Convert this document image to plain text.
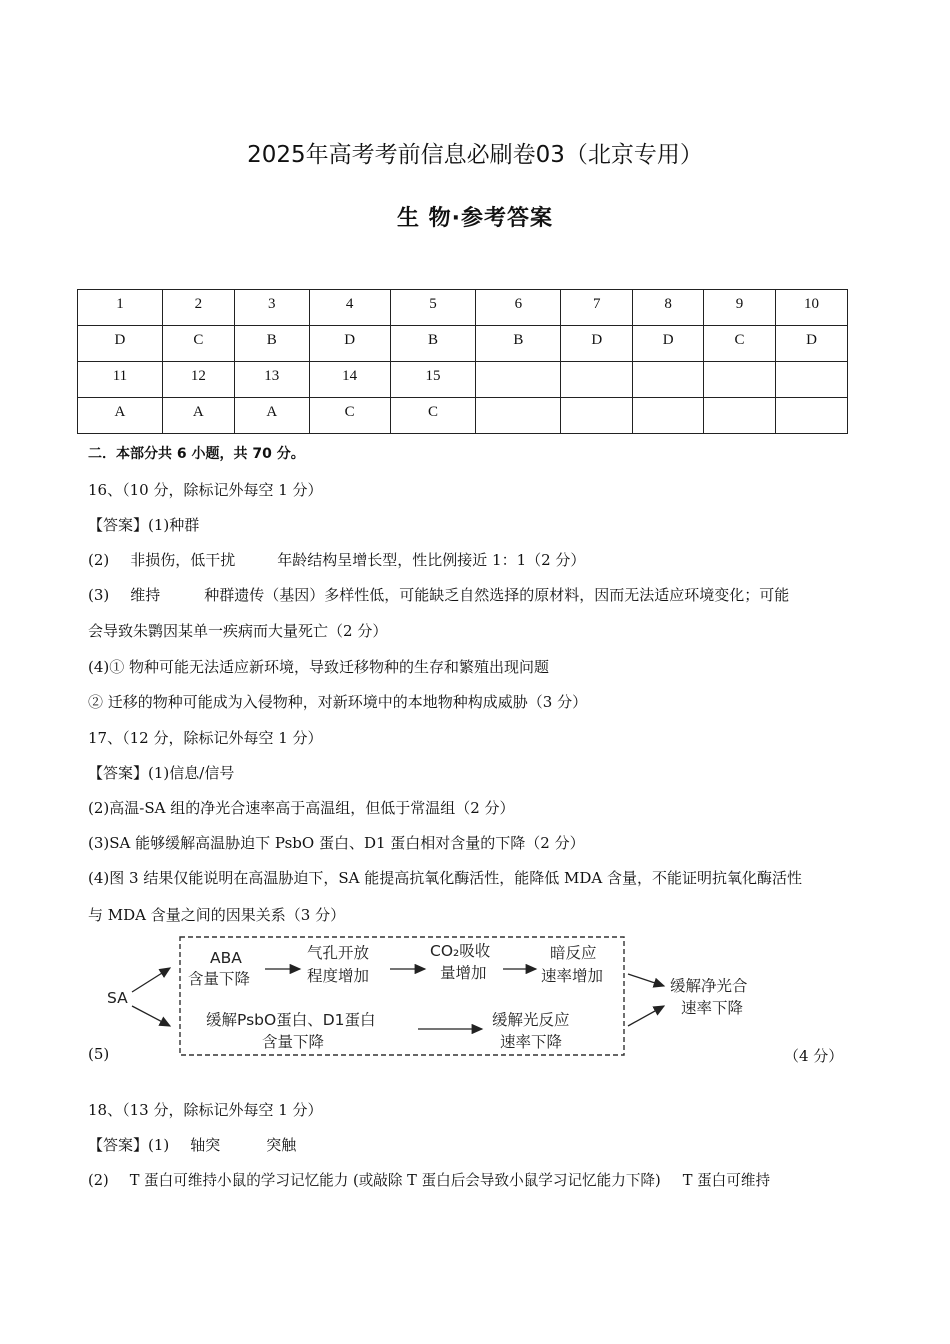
2025年高考考前信息必刷卷03（北京专用）
生 物·参考答案
1	2	3	4	5	6	7	8	9	10

D	C	B	D	B	B	D	D	C	D

11	12	13	14	15					

A	A	A	C	C					

二．本部分共 6 小题，共 70 分。
16、（10 分，除标记外每空 1 分）
【答案】(1)种群
(2) 非损伤，低干扰	年龄结构呈增长型，性比例接近 1：1（2 分）
(3) 维持	种群遗传（基因）多样性低，可能缺乏自然选择的原材料，因而无法适应环境变化；可能
会导致朱鹮因某单一疾病而大量死亡（2 分）
(4)① 物种可能无法适应新环境，导致迁移物种的生存和繁殖出现问题
② 迁移的物种可能成为入侵物种，对新环境中的本地物种构成威胁（3 分）
17、（12 分，除标记外每空 1 分）
【答案】(1)信息/信号
(2)高温-SA 组的净光合速率高于高温组，但低于常温组（2 分）
(3)SA 能够缓解高温胁迫下 PsbO 蛋白、D1 蛋白相对含量的下降（2 分）
(4)图 3 结果仅能说明在高温胁迫下，SA 能提高抗氧化酶活性，能降低 MDA 含量，不能证明抗氧化酶活性
与 MDA 含量之间的因果关系（3 分）
SA
ABA
含量下降
气孔开放
程度增加
CO₂吸收
量增加
暗反应
速率增加
缓解PsbO蛋白、D1蛋白
含量下降
缓解光反应
速率下降
缓解净光合
速率下降
(5)	（4 分）
18、（13 分，除标记外每空 1 分）
【答案】(1) 轴突	突触
(2) T 蛋白可维持小鼠的学习记忆能力 (或敲除 T 蛋白后会导致小鼠学习记忆能力下降) T 蛋白可维持
